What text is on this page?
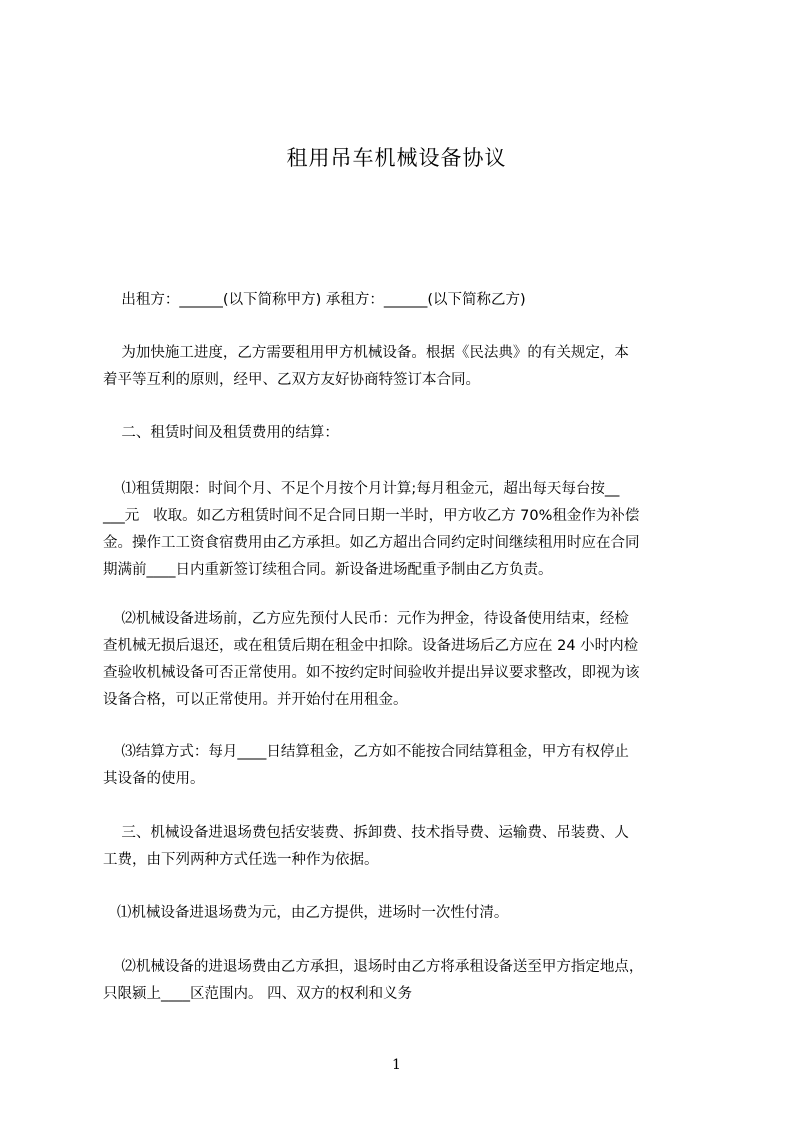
租用吊车机械设备协议
出租方：______(以下简称甲方) 承租方：______(以下简称乙方)
为加快施工进度，乙方需要租用甲方机械设备。根据《民法典》的有关规定，本
着平等互利的原则，经甲、乙双方友好协商特签订本合同。
二、租赁时间及租赁费用的结算：
⑴租赁期限：时间个月、不足个月按个月计算;每月租金元，超出每天每台按__
___元   收取。如乙方租赁时间不足合同日期一半时，甲方收乙方 70%租金作为补偿
金。操作工工资食宿费用由乙方承担。如乙方超出合同约定时间继续租用时应在合同
期满前____日内重新签订续租合同。新设备进场配重予制由乙方负责。
⑵机械设备进场前，乙方应先预付人民币：元作为押金，待设备使用结束，经检
查机械无损后退还，或在租赁后期在租金中扣除。设备进场后乙方应在 24 小时内检
查验收机械设备可否正常使用。如不按约定时间验收并提出异议要求整改，即视为该
设备合格，可以正常使用。并开始付在用租金。
⑶结算方式：每月____日结算租金，乙方如不能按合同结算租金，甲方有权停止
其设备的使用。
三、机械设备进退场费包括安装费、拆卸费、技术指导费、运输费、吊装费、人
工费，由下列两种方式任选一种作为依据。
⑴机械设备进退场费为元，由乙方提供，进场时一次性付清。
⑵机械设备的进退场费由乙方承担，退场时由乙方将承租设备送至甲方指定地点，
只限颍上____区范围内。 四、双方的权利和义务
1
